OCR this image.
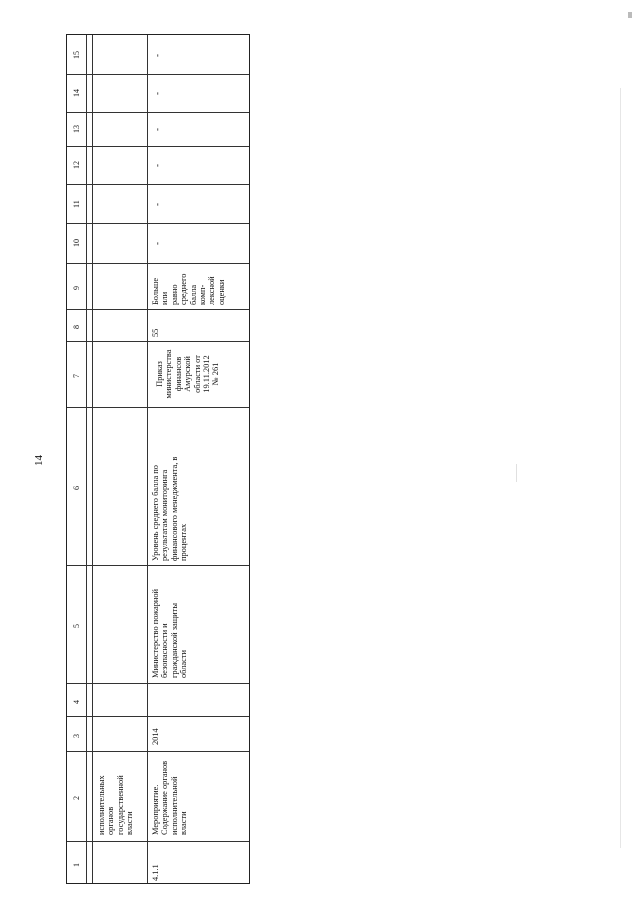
14
1
2
3
4
5
6
7
8
9
10
11
12
13
14
15
исполнительных органов государственной власти
4.1.1
Мероприятие. Содержание органов исполнительной власти
2014
Министерство пожарной безопасности и гражданской защиты области
Уровень среднего балла по результатам мониторинга финансового менеджмента, в процентах
Приказ министерства финансов Амурской области от 19.11.2012 № 261
55
Больше или равно среднего балла комп- лексной оценки
-
-
-
-
-
-
